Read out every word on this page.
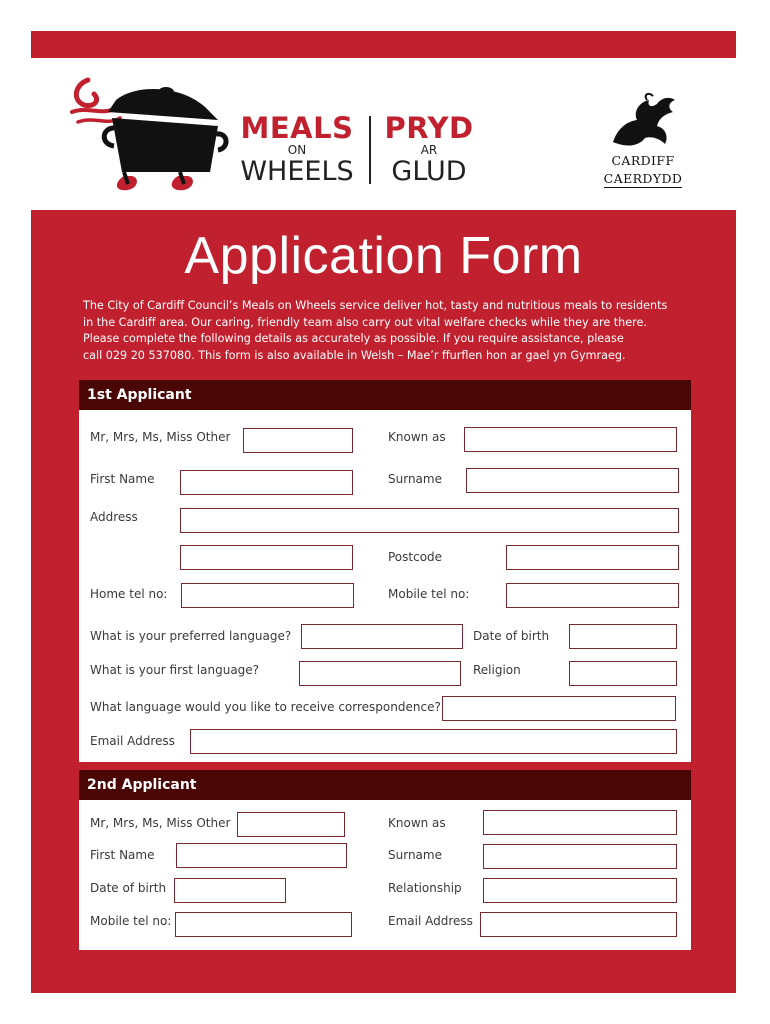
MEALS
ON
WHEELS
PRYD
AR
GLUD	CARDIFF
CAERDYDD
Application Form
The City of Cardiff Council’s Meals on Wheels service deliver hot, tasty and nutritious meals to residents
in the Cardiff area. Our caring, friendly team also carry out vital welfare checks while they are there.
Please complete the following details as accurately as possible. If you require assistance, please
call 029 20 537080. This form is also available in Welsh – Mae’r ffurflen hon ar gael yn Gymraeg.
1st Applicant
Mr, Mrs, Ms, Miss Other	Known as
First Name	Surname
Address
Postcode
Home tel no:	Mobile tel no:
What is your preferred language?	Date of birth
What is your first language?	Religion
What language would you like to receive correspondence?
Email Address
2nd Applicant
Mr, Mrs, Ms, Miss Other	Known as
First Name	Surname
Date of birth	Relationship
Mobile tel no:	Email Address
